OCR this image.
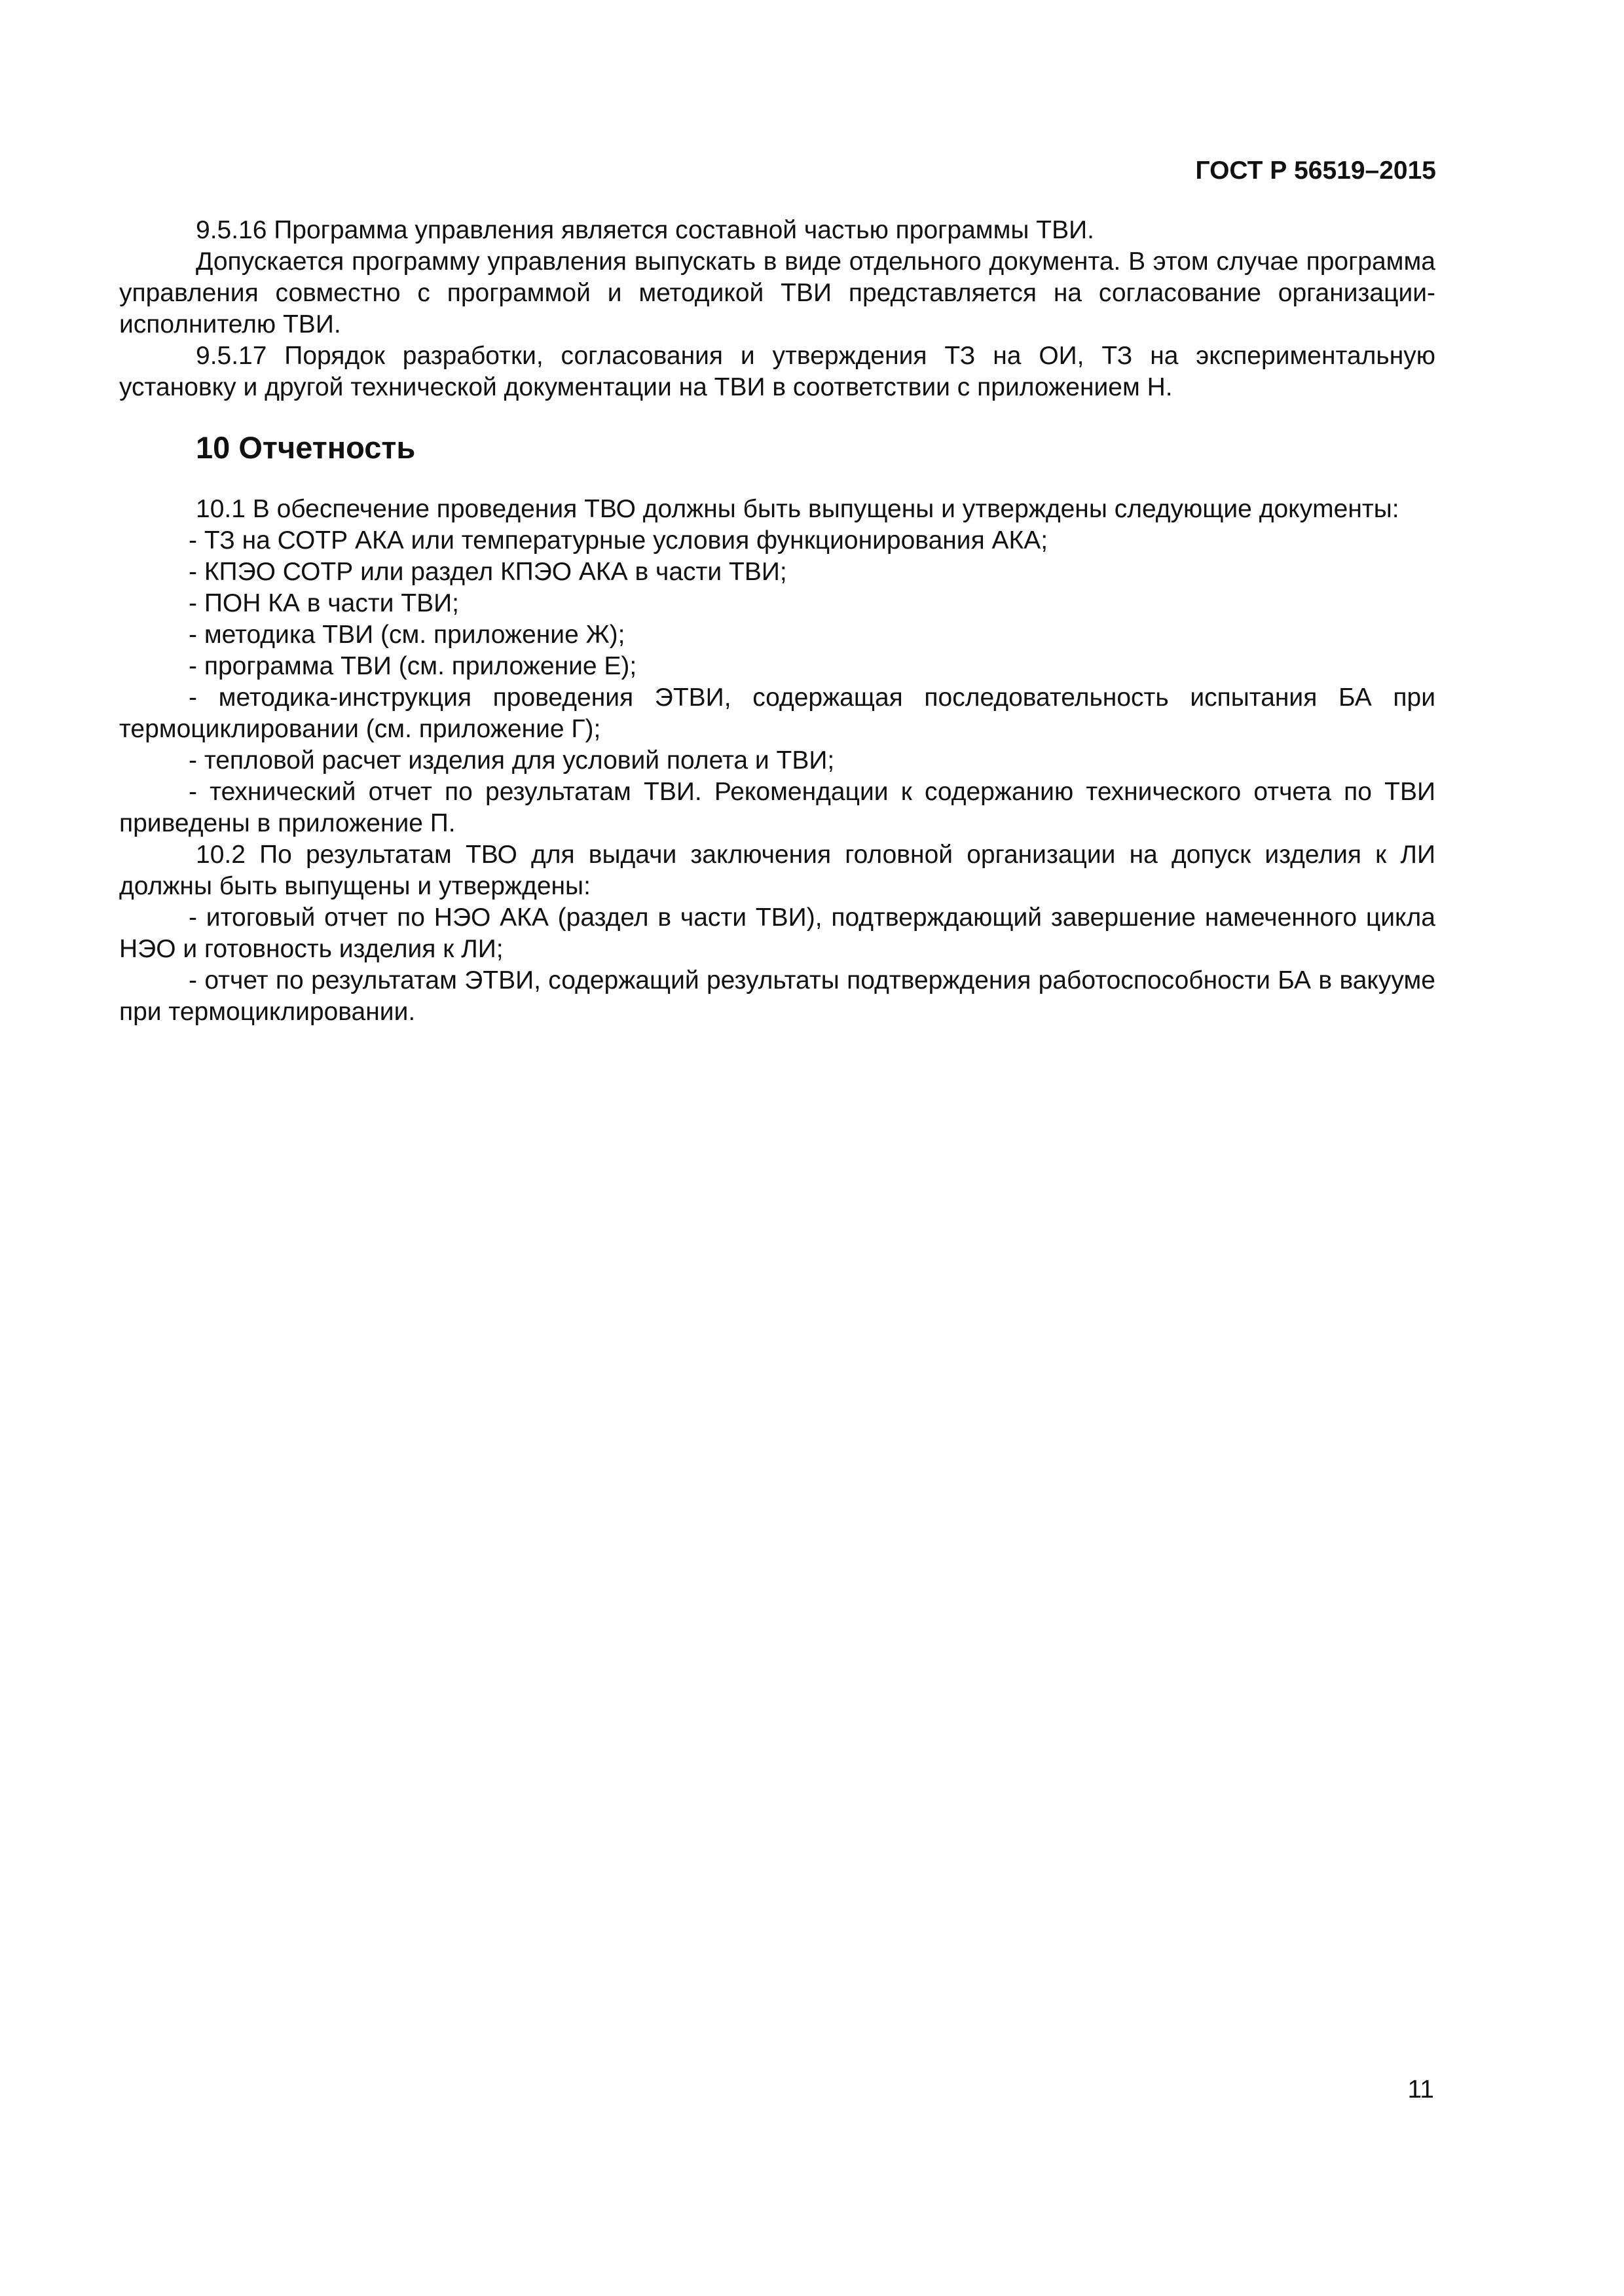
ГОСТ Р 56519–2015

9.5.16 Программа управления является составной частью программы ТВИ.

Допускается программу управления выпускать в виде отдельного документа. В этом случае программа управления совместно с программой и методикой ТВИ представляется на согласование организации-исполнителю ТВИ.

9.5.17 Порядок разработки, согласования и утверждения ТЗ на ОИ, ТЗ на экспериментальную установку и другой технической документации на ТВИ в соответствии с приложением Н.

10 Отчетность

10.1 В обеспечение проведения ТВО должны быть выпущены и утверждены следующие докуmенты:

- ТЗ на СОТР АКА или температурные условия функционирования АКА;

- КПЭО СОТР или раздел КПЭО АКА в части ТВИ;

- ПОН КА в части ТВИ;

- методика ТВИ (см. приложение Ж);

- программа ТВИ (см. приложение Е);

- методика-инструкция проведения ЭТВИ, содержащая последовательность испытания БА при термоциклировании (см. приложение Г);

- тепловой расчет изделия для условий полета и ТВИ;

- технический отчет по результатам ТВИ. Рекомендации к содержанию технического отчета по ТВИ приведены в приложение П.

10.2 По результатам ТВО для выдачи заключения головной организации на допуск изделия к ЛИ должны быть выпущены и утверждены:

- итоговый отчет по НЭО АКА (раздел в части ТВИ), подтверждающий завершение намеченного цикла НЭО и готовность изделия к ЛИ;

- отчет по результатам ЭТВИ, содержащий результаты подтверждения работоспособности БА в вакууме при термоциклировании.

11
